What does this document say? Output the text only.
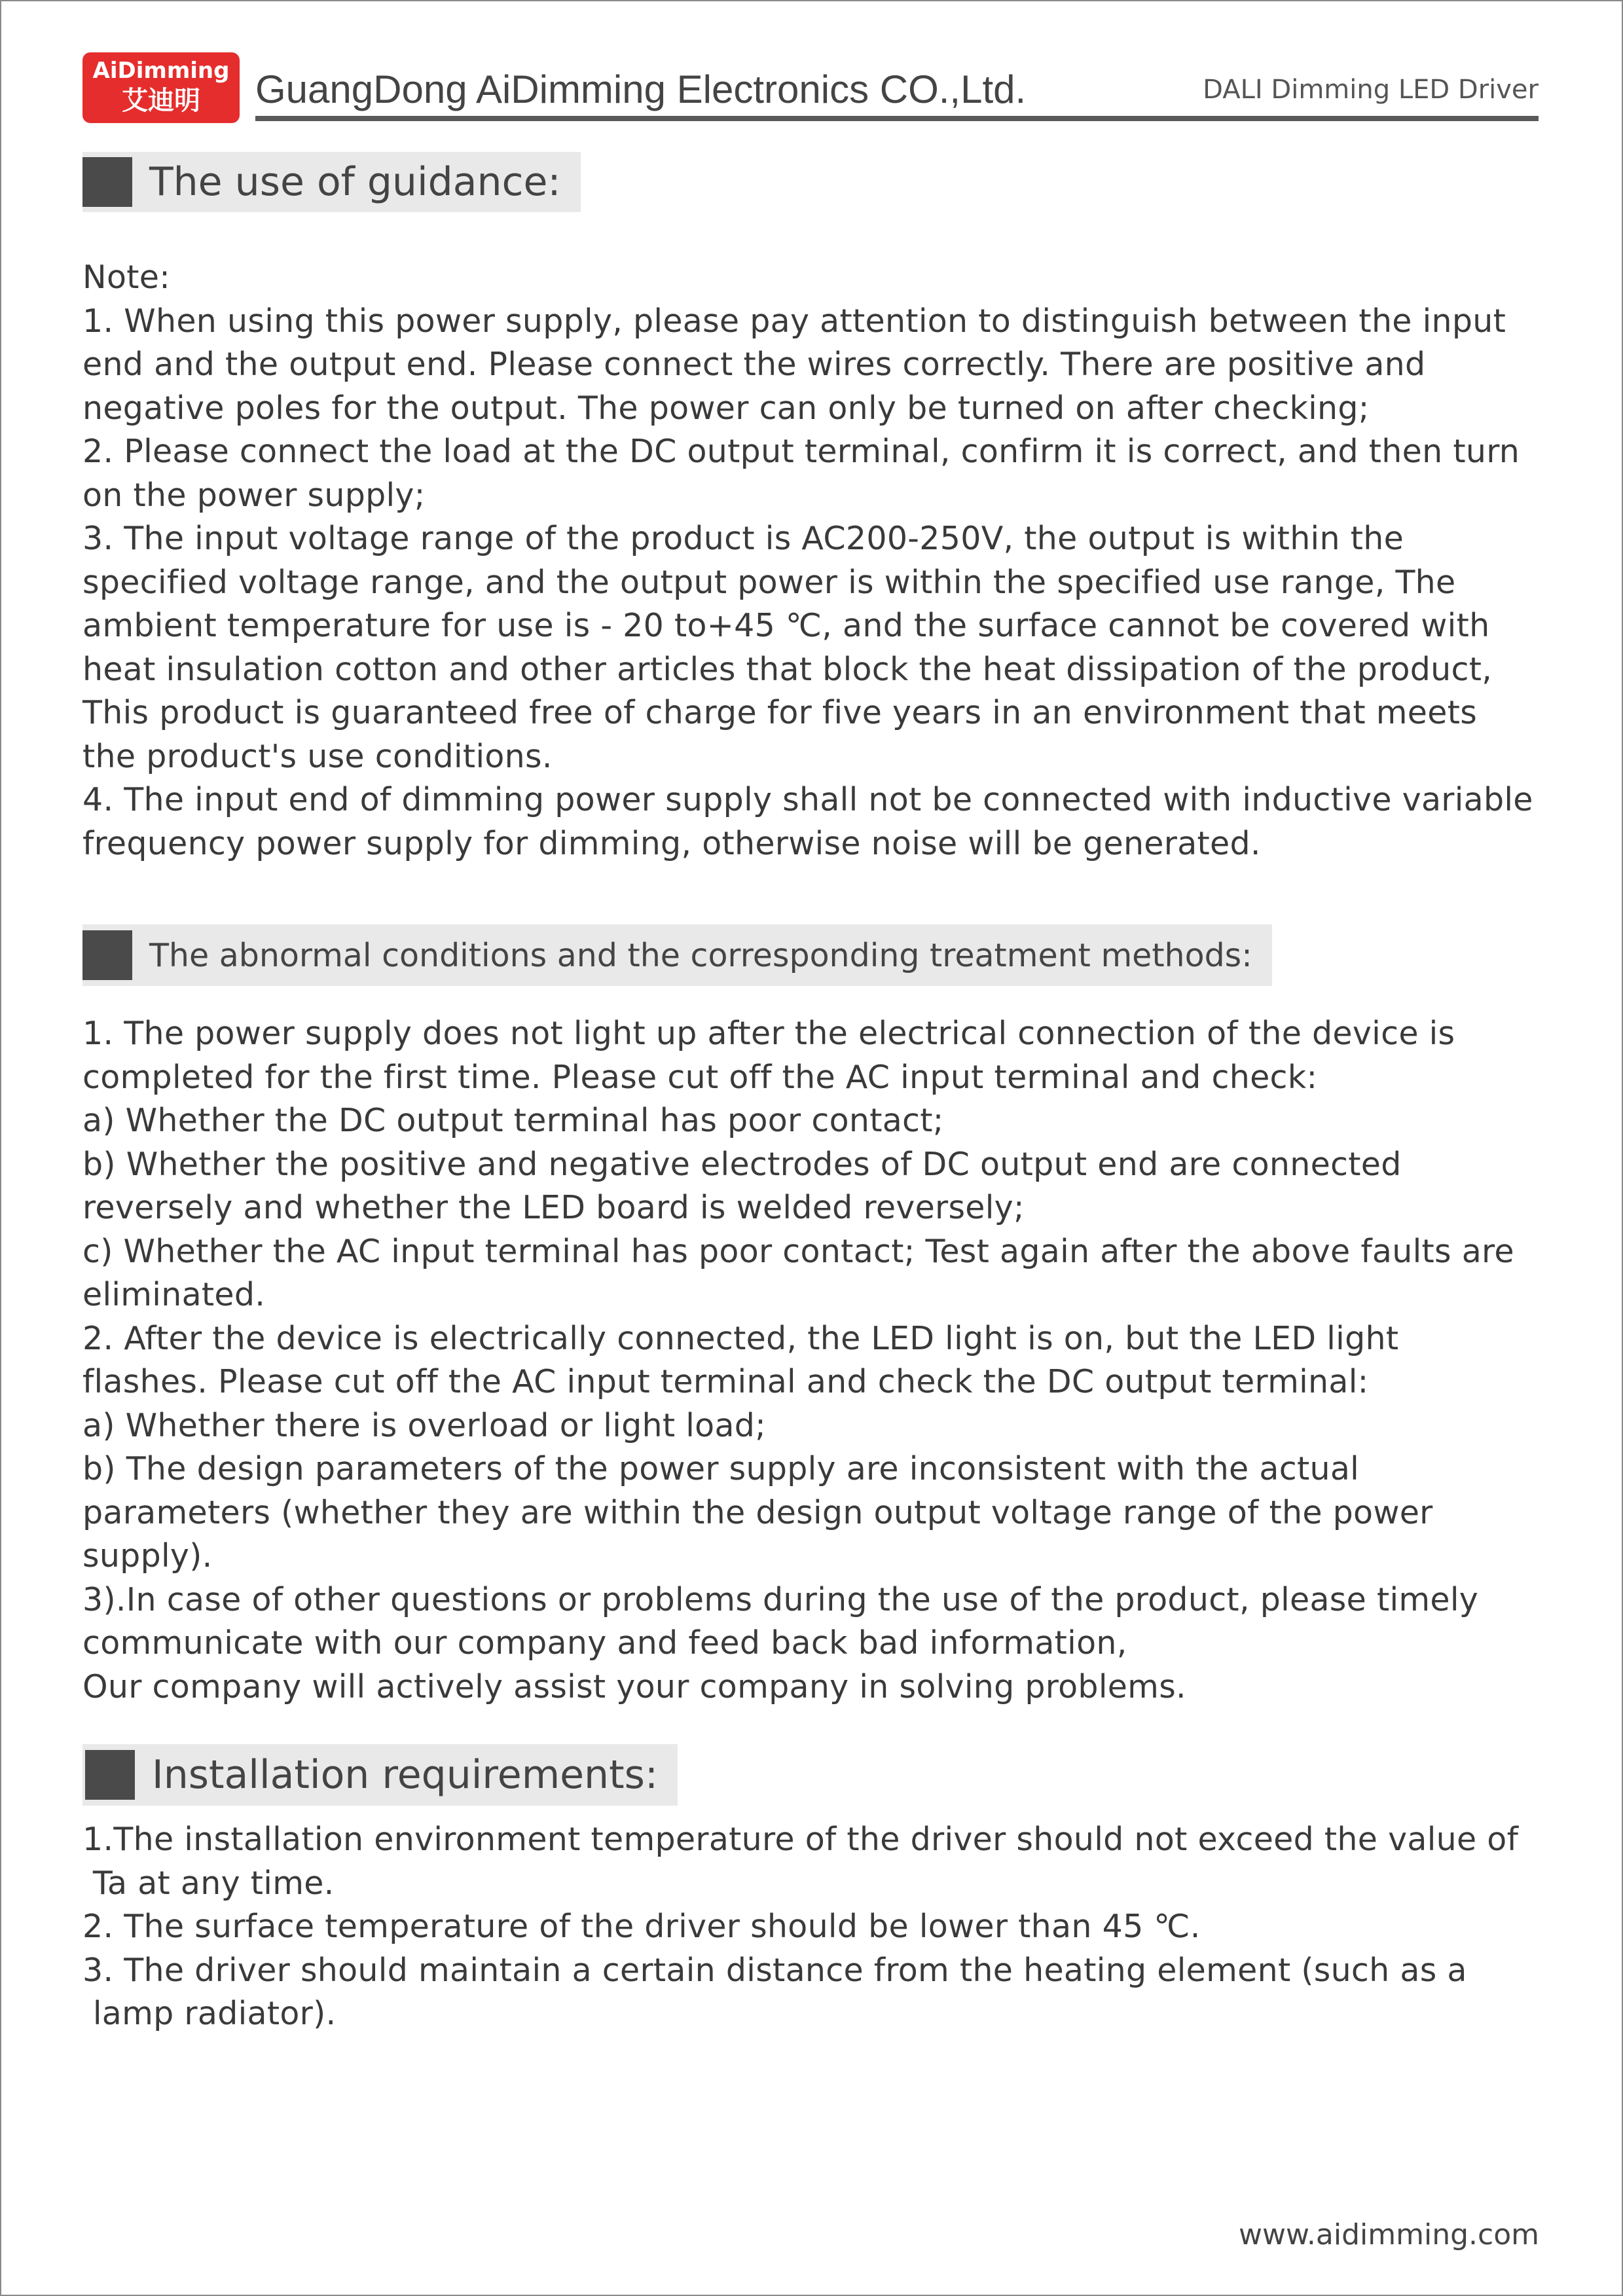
AiDimming
艾迪明	GuangDong AiDimming Electronics CO.,Ltd.	DALI Dimming LED Driver
The use of guidance:
Note:
1. When using this power supply, please pay attention to distinguish between the input
end and the output end. Please connect the wires correctly. There are positive and
negative poles for the output. The power can only be turned on after checking;
2. Please connect the load at the DC output terminal, confirm it is correct, and then turn
on the power supply;
3. The input voltage range of the product is AC200-250V, the output is within the
specified voltage range, and the output power is within the specified use range, The
ambient temperature for use is - 20 to+45 ℃, and the surface cannot be covered with
heat insulation cotton and other articles that block the heat dissipation of the product,
This product is guaranteed free of charge for five years in an environment that meets
the product's use conditions.
4. The input end of dimming power supply shall not be connected with inductive variable
frequency power supply for dimming, otherwise noise will be generated.
The abnormal conditions and the corresponding treatment methods:
1. The power supply does not light up after the electrical connection of the device is
completed for the first time. Please cut off the AC input terminal and check:
a) Whether the DC output terminal has poor contact;
b) Whether the positive and negative electrodes of DC output end are connected
reversely and whether the LED board is welded reversely;
c) Whether the AC input terminal has poor contact; Test again after the above faults are
eliminated.
2. After the device is electrically connected, the LED light is on, but the LED light
flashes. Please cut off the AC input terminal and check the DC output terminal:
a) Whether there is overload or light load;
b) The design parameters of the power supply are inconsistent with the actual
parameters (whether they are within the design output voltage range of the power
supply).
3).In case of other questions or problems during the use of the product, please timely
communicate with our company and feed back bad information,
Our company will actively assist your company in solving problems.
Installation requirements:
1.The installation environment temperature of the driver should not exceed the value of
Ta at any time.
2. The surface temperature of the driver should be lower than 45 ℃.
3. The driver should maintain a certain distance from the heating element (such as a
lamp radiator).
www.aidimming.com
